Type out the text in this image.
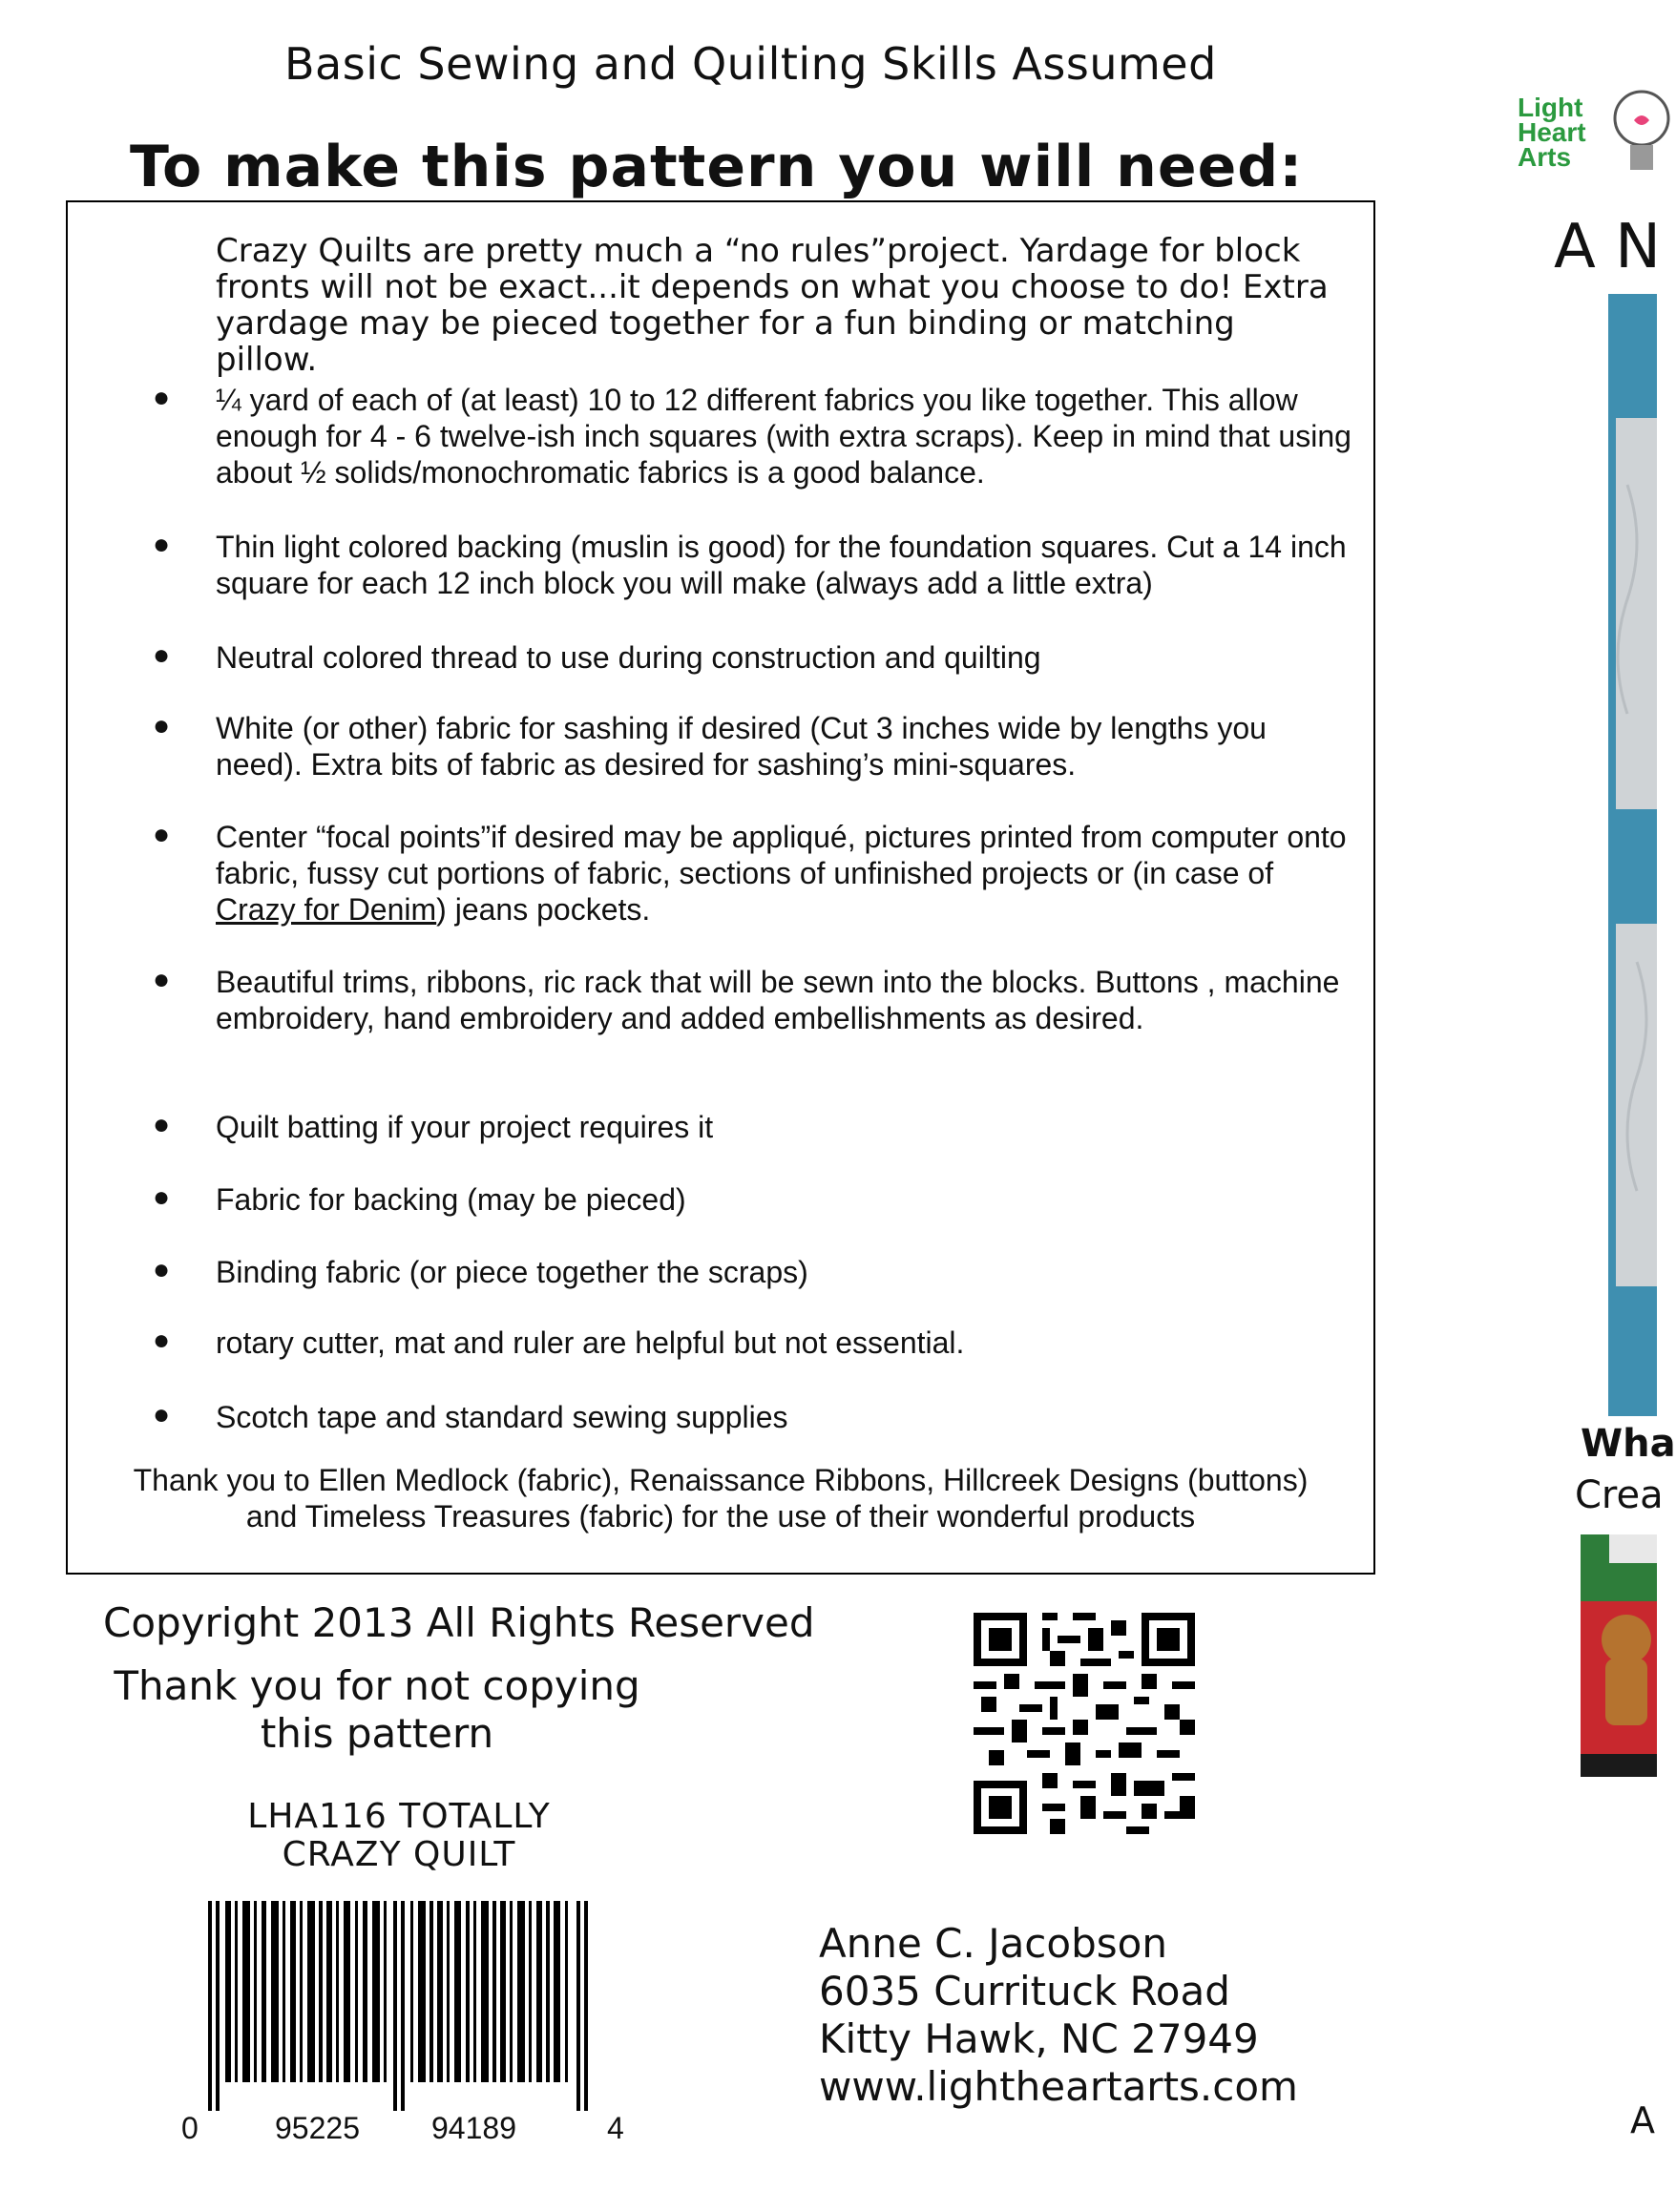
Basic Sewing and Quilting Skills Assumed
To make this pattern you will need:
Crazy Quilts are pretty much a “no rules”project. Yardage for block fronts will not be exact...it depends on what you choose to do! Extra yardage may be pieced together for a fun binding or matching pillow.
● ¼ yard of each of (at least) 10 to 12 different fabrics you like together. This allow enough for 4 - 6 twelve-ish inch squares (with extra scraps). Keep in mind that using about ½ solids/monochromatic fabrics is a good balance.
● Thin light colored backing (muslin is good) for the foundation squares. Cut a 14 inch square for each 12 inch block you will make (always add a little extra)
● Neutral colored thread to use during construction and quilting
● White (or other) fabric for sashing if desired (Cut 3 inches wide by lengths you need). Extra bits of fabric as desired for sashing’s mini-squares.
● Center “focal points”if desired may be appliqué, pictures printed from computer onto fabric, fussy cut portions of fabric, sections of unfinished projects or (in case of Crazy for Denim) jeans pockets.
● Beautiful trims, ribbons, ric rack that will be sewn into the blocks. Buttons , machine embroidery, hand embroidery and added embellishments as desired.
● Quilt batting if your project requires it
● Fabric for backing (may be pieced)
● Binding fabric (or piece together the scraps)
● rotary cutter, mat and ruler are helpful but not essential.
● Scotch tape and standard sewing supplies
Thank you to Ellen Medlock (fabric), Renaissance Ribbons, Hillcreek Designs (buttons)
and Timeless Treasures (fabric) for the use of their wonderful products
Copyright 2013 All Rights Reserved
Thank you for not copying
this pattern
LHA116 TOTALLY
CRAZY QUILT
0	95225 94189	4
Anne C. Jacobson
6035 Currituck Road
Kitty Hawk, NC 27949
www.lightheartarts.com
Light
Heart
Arts
A N
Wha
Crea
A
